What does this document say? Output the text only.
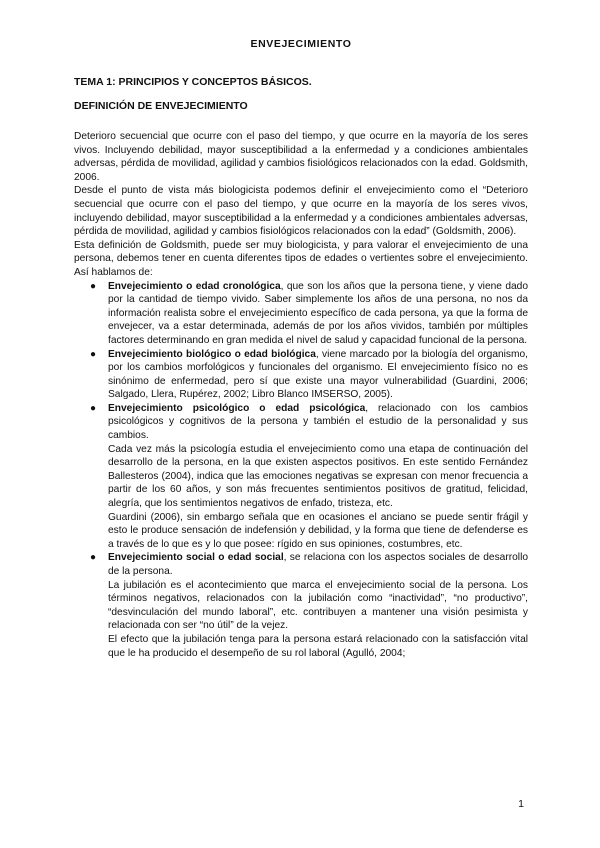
ENVEJECIMIENTO
TEMA 1: PRINCIPIOS Y CONCEPTOS BÁSICOS.
DEFINICIÓN DE ENVEJECIMIENTO

Deterioro secuencial que ocurre con el paso del tiempo, y que ocurre en la mayoría de los seres vivos. Incluyendo debilidad, mayor susceptibilidad a la enfermedad y a condiciones ambientales adversas, pérdida de movilidad, agilidad y cambios fisiológicos relacionados con la edad. Goldsmith, 2006.

Desde el punto de vista más biologicista podemos definir el envejecimiento como el “Deterioro secuencial que ocurre con el paso del tiempo, y que ocurre en la mayoría de los seres vivos, incluyendo debilidad, mayor susceptibilidad a la enfermedad y a condiciones ambientales adversas, pérdida de movilidad, agilidad y cambios fisiológicos relacionados con la edad” (Goldsmith, 2006).

Esta definición de Goldsmith, puede ser muy biologicista, y para valorar el envejecimiento de una persona, debemos tener en cuenta diferentes tipos de edades o vertientes sobre el envejecimiento. Así hablamos de:

● Envejecimiento o edad cronológica, que son los años que la persona tiene, y viene dado por la cantidad de tiempo vivido. Saber simplemente los años de una persona, no nos da información realista sobre el envejecimiento específico de cada persona, ya que la forma de envejecer, va a estar determinada, además de por los años vividos, también por múltiples factores determinando en gran medida el nivel de salud y capacidad funcional de la persona.
● Envejecimiento biológico o edad biológica, viene marcado por la biología del organismo, por los cambios morfológicos y funcionales del organismo. El envejecimiento físico no es sinónimo de enfermedad, pero sí que existe una mayor vulnerabilidad (Guardini, 2006; Salgado, Llera, Rupérez, 2002; Libro Blanco IMSERSO, 2005).
● Envejecimiento psicológico o edad psicológica, relacionado con los cambios psicológicos y cognitivos de la persona y también el estudio de la personalidad y sus cambios.

Cada vez más la psicología estudia el envejecimiento como una etapa de continuación del desarrollo de la persona, en la que existen aspectos positivos. En este sentido Fernández Ballesteros (2004), indica que las emociones negativas se expresan con menor frecuencia a partir de los 60 años, y son más frecuentes sentimientos positivos de gratitud, felicidad, alegría, que los sentimientos negativos de enfado, tristeza, etc.

Guardini (2006), sin embargo señala que en ocasiones el anciano se puede sentir frágil y esto le produce sensación de indefensión y debilidad, y la forma que tiene de defenderse es a través de lo que es y lo que posee: rígido en sus opiniones, costumbres, etc.

● Envejecimiento social o edad social, se relaciona con los aspectos sociales de desarrollo de la persona.

La jubilación es el acontecimiento que marca el envejecimiento social de la persona. Los términos negativos, relacionados con la jubilación como “inactividad”, “no productivo”, “desvinculación del mundo laboral”, etc. contribuyen a mantener una visión pesimista y relacionada con ser “no útil” de la vejez.

El efecto que la jubilación tenga para la persona estará relacionado con la satisfacción vital que le ha producido el desempeño de su rol laboral (Agulló, 2004;

1
